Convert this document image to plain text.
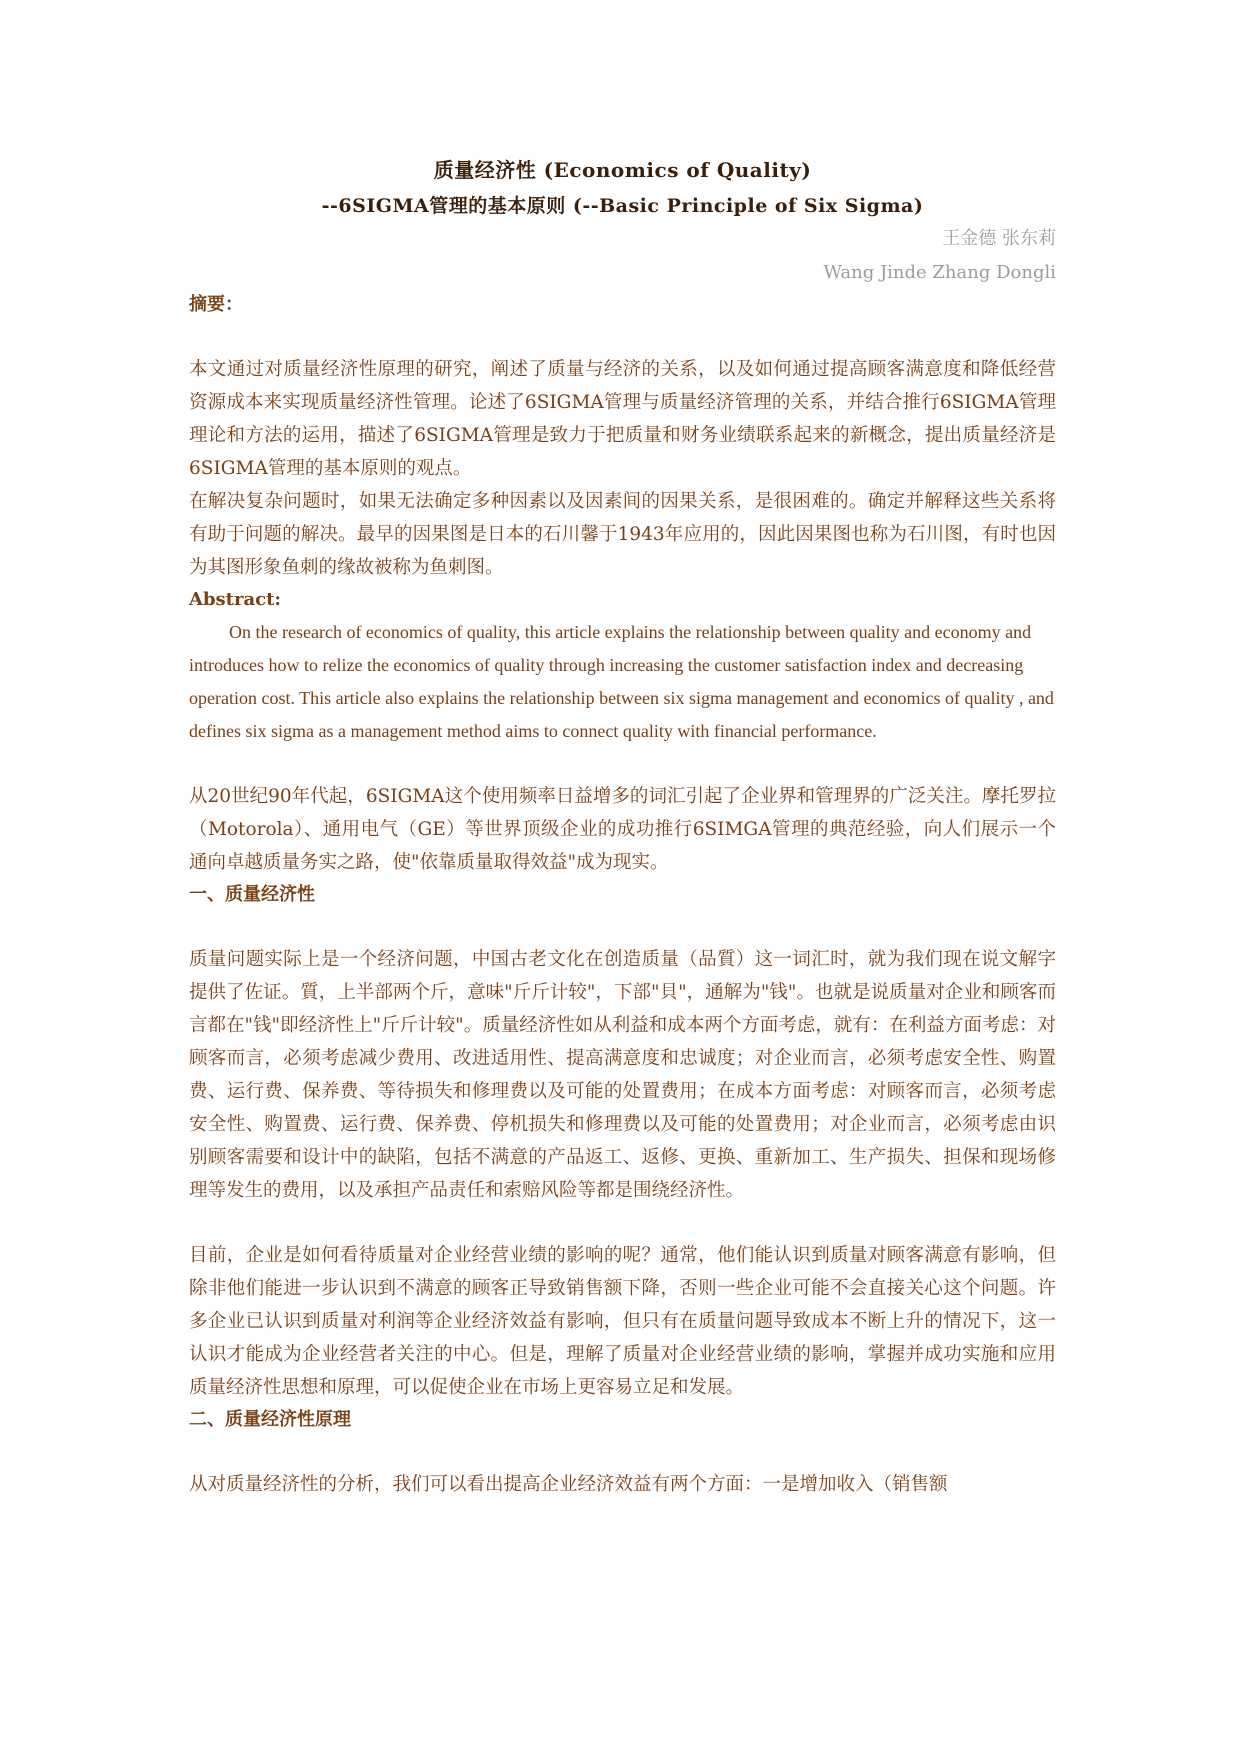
质量经济性 (Economics of Quality)
--6SIGMA管理的基本原则 (--Basic Principle of Six Sigma)
王金德 张东莉
Wang Jinde Zhang Dongli
摘要：

本文通过对质量经济性原理的研究，阐述了质量与经济的关系，以及如何通过提高顾客满意度和降低经营资源成本来实现质量经济性管理。论述了6SIGMA管理与质量经济管理的关系，并结合推行6SIGMA管理理论和方法的运用，描述了6SIGMA管理是致力于把质量和财务业绩联系起来的新概念，提出质量经济是6SIGMA管理的基本原则的观点。

在解决复杂问题时，如果无法确定多种因素以及因素间的因果关系，是很困难的。确定并解释这些关系将有助于问题的解决。最早的因果图是日本的石川馨于1943年应用的，因此因果图也称为石川图，有时也因为其图形象鱼刺的缘故被称为鱼刺图。

Abstract:

On the research of economics of quality, this article explains the relationship between quality and economy and introduces how to relize the economics of quality through increasing the customer satisfaction index and decreasing operation cost. This article also explains the relationship between six sigma management and economics of quality , and defines six sigma as a management method aims to connect quality with financial performance.

从20世纪90年代起，6SIGMA这个使用频率日益增多的词汇引起了企业界和管理界的广泛关注。摩托罗拉（Motorola）、通用电气（GE）等世界顶级企业的成功推行6SIMGA管理的典范经验，向人们展示一个通向卓越质量务实之路，使"依靠质量取得效益"成为现实。

一、质量经济性

质量问题实际上是一个经济问题，中国古老文化在创造质量（品質）这一词汇时，就为我们现在说文解字提供了佐证。質，上半部两个斤，意味"斤斤计较"，下部"貝"，通解为"钱"。也就是说质量对企业和顾客而言都在"钱"即经济性上"斤斤计较"。质量经济性如从利益和成本两个方面考虑，就有：在利益方面考虑：对顾客而言，必须考虑减少费用、改进适用性、提高满意度和忠诚度；对企业而言，必须考虑安全性、购置费、运行费、保养费、等待损失和修理费以及可能的处置费用；在成本方面考虑：对顾客而言，必须考虑安全性、购置费、运行费、保养费、停机损失和修理费以及可能的处置费用；对企业而言，必须考虑由识别顾客需要和设计中的缺陷，包括不满意的产品返工、返修、更换、重新加工、生产损失、担保和现场修理等发生的费用，以及承担产品责任和索赔风险等都是围绕经济性。

目前，企业是如何看待质量对企业经营业绩的影响的呢？通常，他们能认识到质量对顾客满意有影响，但除非他们能进一步认识到不满意的顾客正导致销售额下降，否则一些企业可能不会直接关心这个问题。许多企业已认识到质量对利润等企业经济效益有影响，但只有在质量问题导致成本不断上升的情况下，这一认识才能成为企业经营者关注的中心。但是，理解了质量对企业经营业绩的影响，掌握并成功实施和应用质量经济性思想和原理，可以促使企业在市场上更容易立足和发展。

二、质量经济性原理

从对质量经济性的分析，我们可以看出提高企业经济效益有两个方面：一是增加收入（销售额
